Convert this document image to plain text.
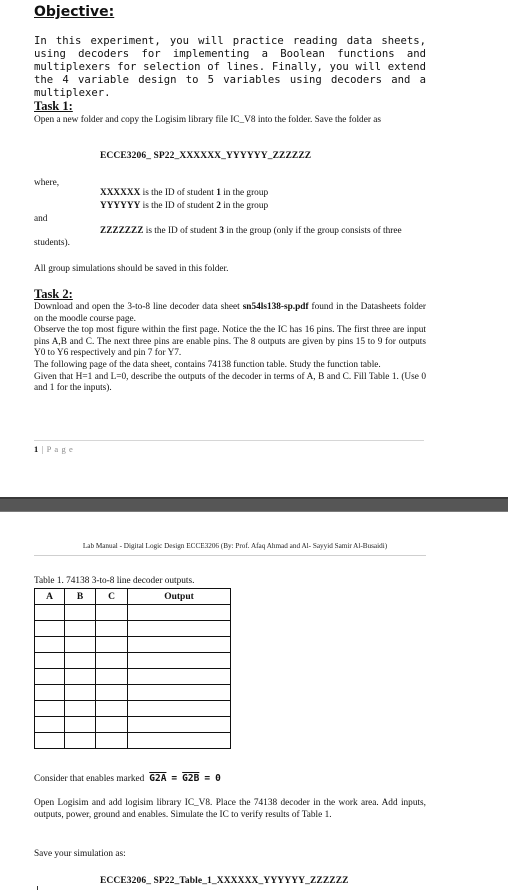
Objective:
In this experiment, you will practice reading data sheets, using decoders for implementing a Boolean functions and multiplexers for selection of lines. Finally, you will extend the 4 variable design to 5 variables using decoders and a multiplexer.
Task 1:
Open a new folder and copy the Logisim library file IC_V8 into the folder. Save the folder as
ECCE3206_ SP22_XXXXXX_YYYYYY_ZZZZZZ
where,
XXXXXX is the ID of student 1 in the group
YYYYYY is the ID of student 2 in the group
and
ZZZZZZZ is the ID of student 3 in the group (only if the group consists of three students).
All group simulations should be saved in this folder.
Task 2:
Download and open the 3-to-8 line decoder data sheet sn54ls138-sp.pdf found in the Datasheets folder on the moodle course page.
Observe the top most figure within the first page. Notice the the IC has 16 pins. The first three are input pins A,B and C. The next three pins are enable pins. The 8 outputs are given by pins 15 to 9 for outputs Y0 to Y6 respectively and pin 7 for Y7.
The following page of the data sheet, contains 74138 function table. Study the function table.
Given that H=1 and L=0, describe the outputs of the decoder in terms of A, B and C. Fill Table 1. (Use 0 and 1 for the inputs).
1 | P a g e
Lab Manual - Digital Logic Design ECCE3206 (By: Prof. Afaq Ahmad and Al- Sayyid Samir Al-Busaidi)
Table 1. 74138 3-to-8 line decoder outputs.
A	B	C	Output

Consider that enables marked G2A = G2B = 0
Open Logisim and add logisim library IC_V8. Place the 74138 decoder in the work area. Add inputs, outputs, power, ground and enables. Simulate the IC to verify results of Table 1.
Save your simulation as:
ECCE3206_ SP22_Table_1_XXXXXX_YYYYYY_ZZZZZZ
